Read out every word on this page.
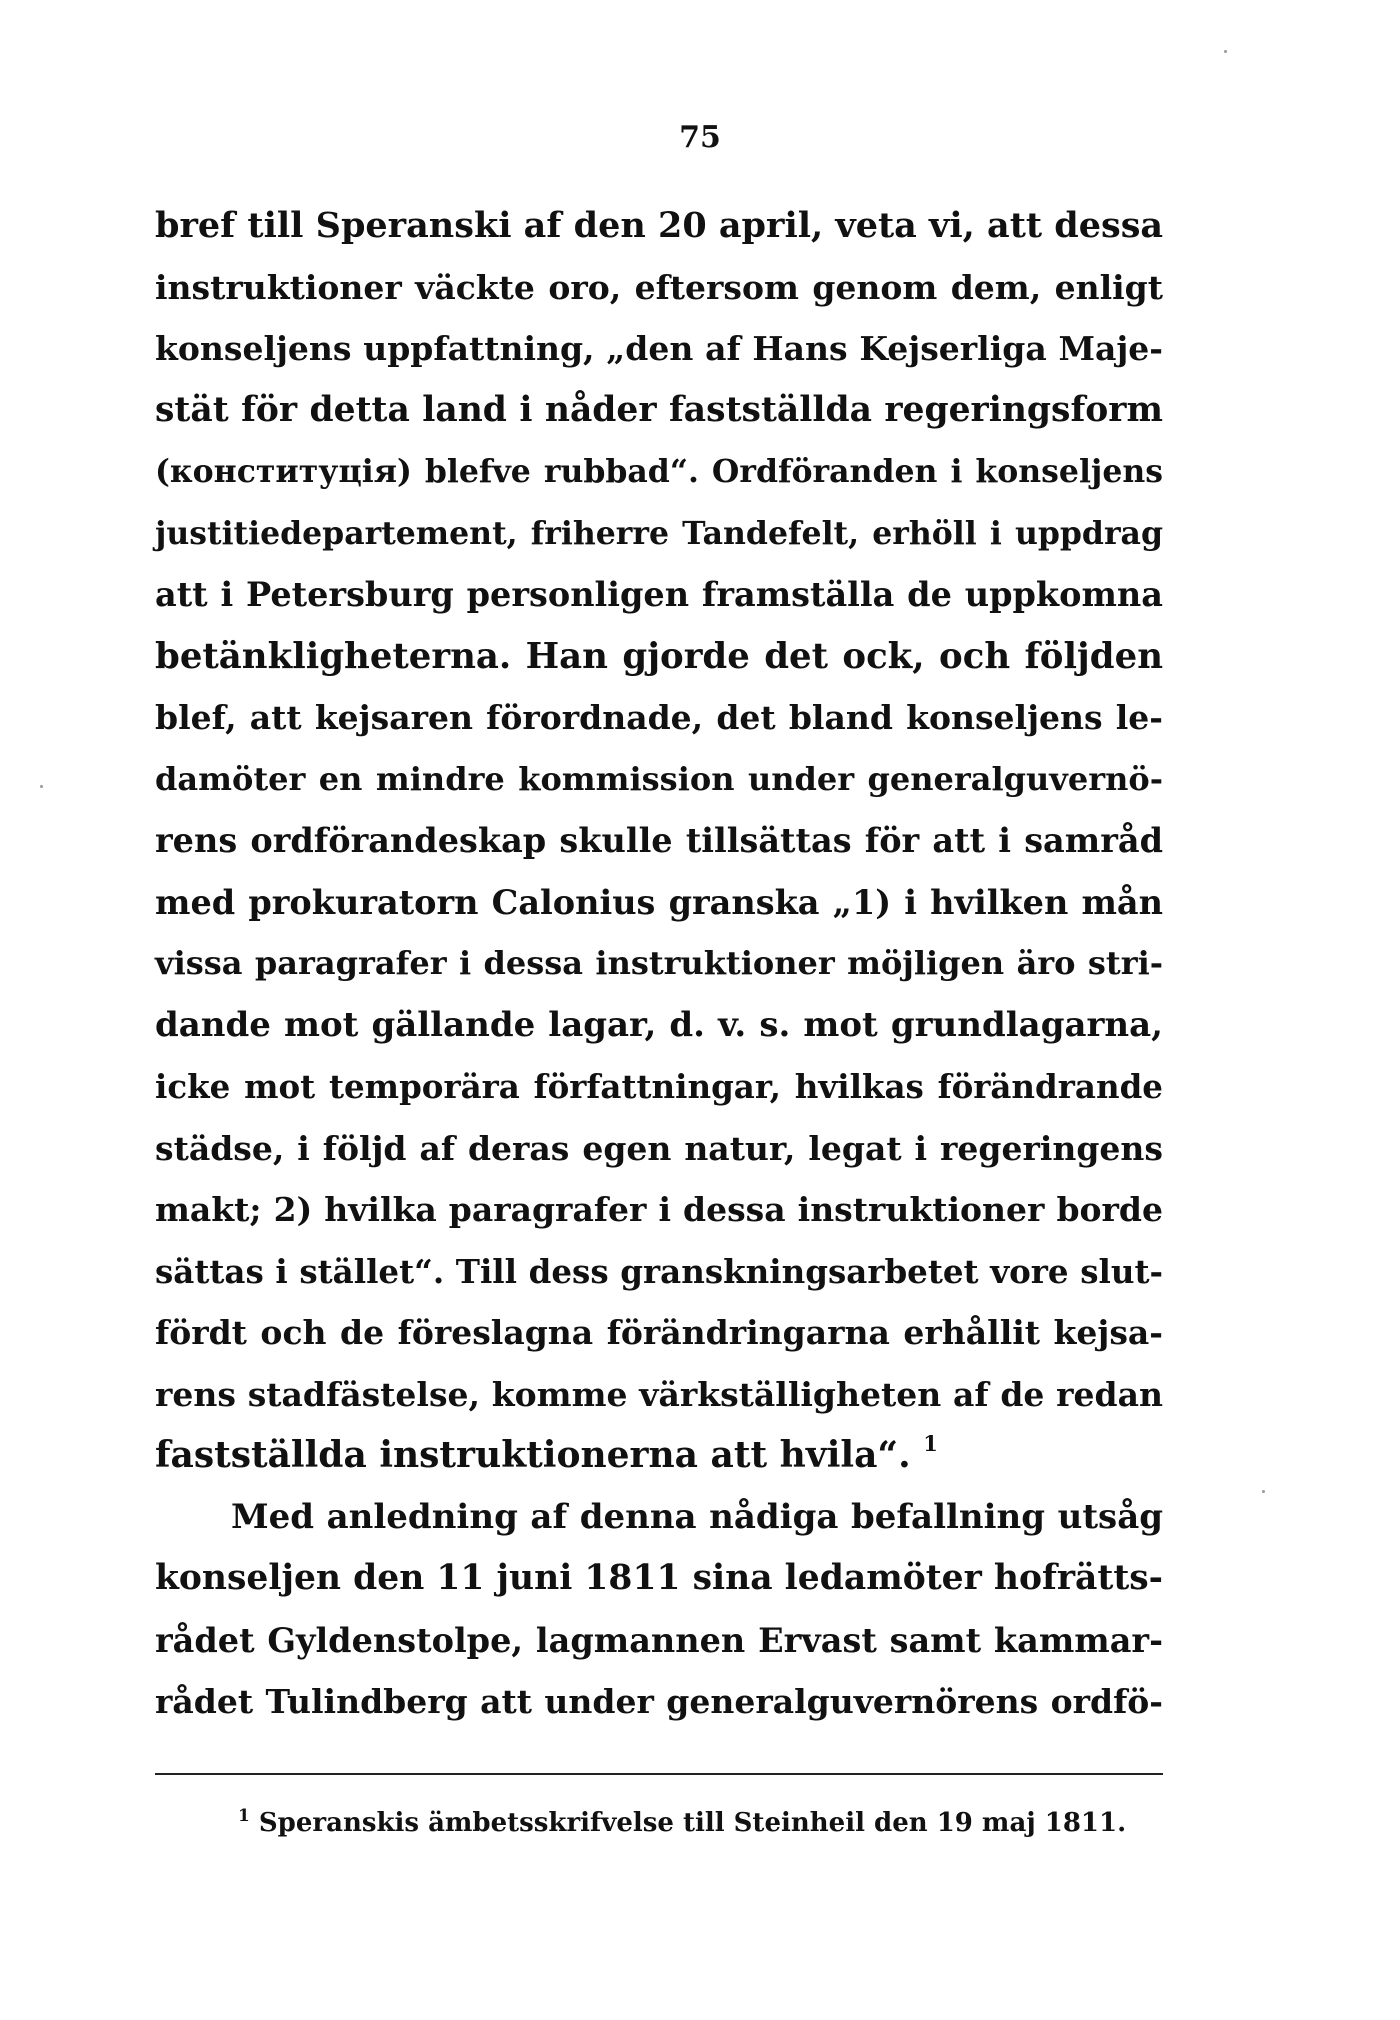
75
bref till Speranski af den 20 april, veta vi, att dessa
instruktioner väckte oro, eftersom genom dem, enligt
konseljens uppfattning, „den af Hans Kejserliga Maje-
stät för detta land i nåder fastställda regeringsform
(конституція) blefve rubbad“. Ordföranden i konseljens
justitiedepartement, friherre Tandefelt, erhöll i uppdrag
att i Petersburg personligen framställa de uppkomna
betänkligheterna. Han gjorde det ock, och följden
blef, att kejsaren förordnade, det bland konseljens le-
damöter en mindre kommission under generalguvernö-
rens ordförandeskap skulle tillsättas för att i samråd
med prokuratorn Calonius granska „1) i hvilken mån
vissa paragrafer i dessa instruktioner möjligen äro stri-
dande mot gällande lagar, d. v. s. mot grundlagarna,
icke mot temporära författningar, hvilkas förändrande
städse, i följd af deras egen natur, legat i regeringens
makt; 2) hvilka paragrafer i dessa instruktioner borde
sättas i stället“. Till dess granskningsarbetet vore slut-
fördt och de föreslagna förändringarna erhållit kejsa-
rens stadfästelse, komme värkställigheten af de redan
fastställda instruktionerna att hvila“. $^1$
Med anledning af denna nådiga befallning utsåg
konseljen den 11 juni 1811 sina ledamöter hofrätts-
rådet Gyldenstolpe, lagmannen Ervast samt kammar-
rådet Tulindberg att under generalguvernörens ordfö-
$^1$ Speranskis ämbetsskrifvelse till Steinheil den 19 maj 1811.
